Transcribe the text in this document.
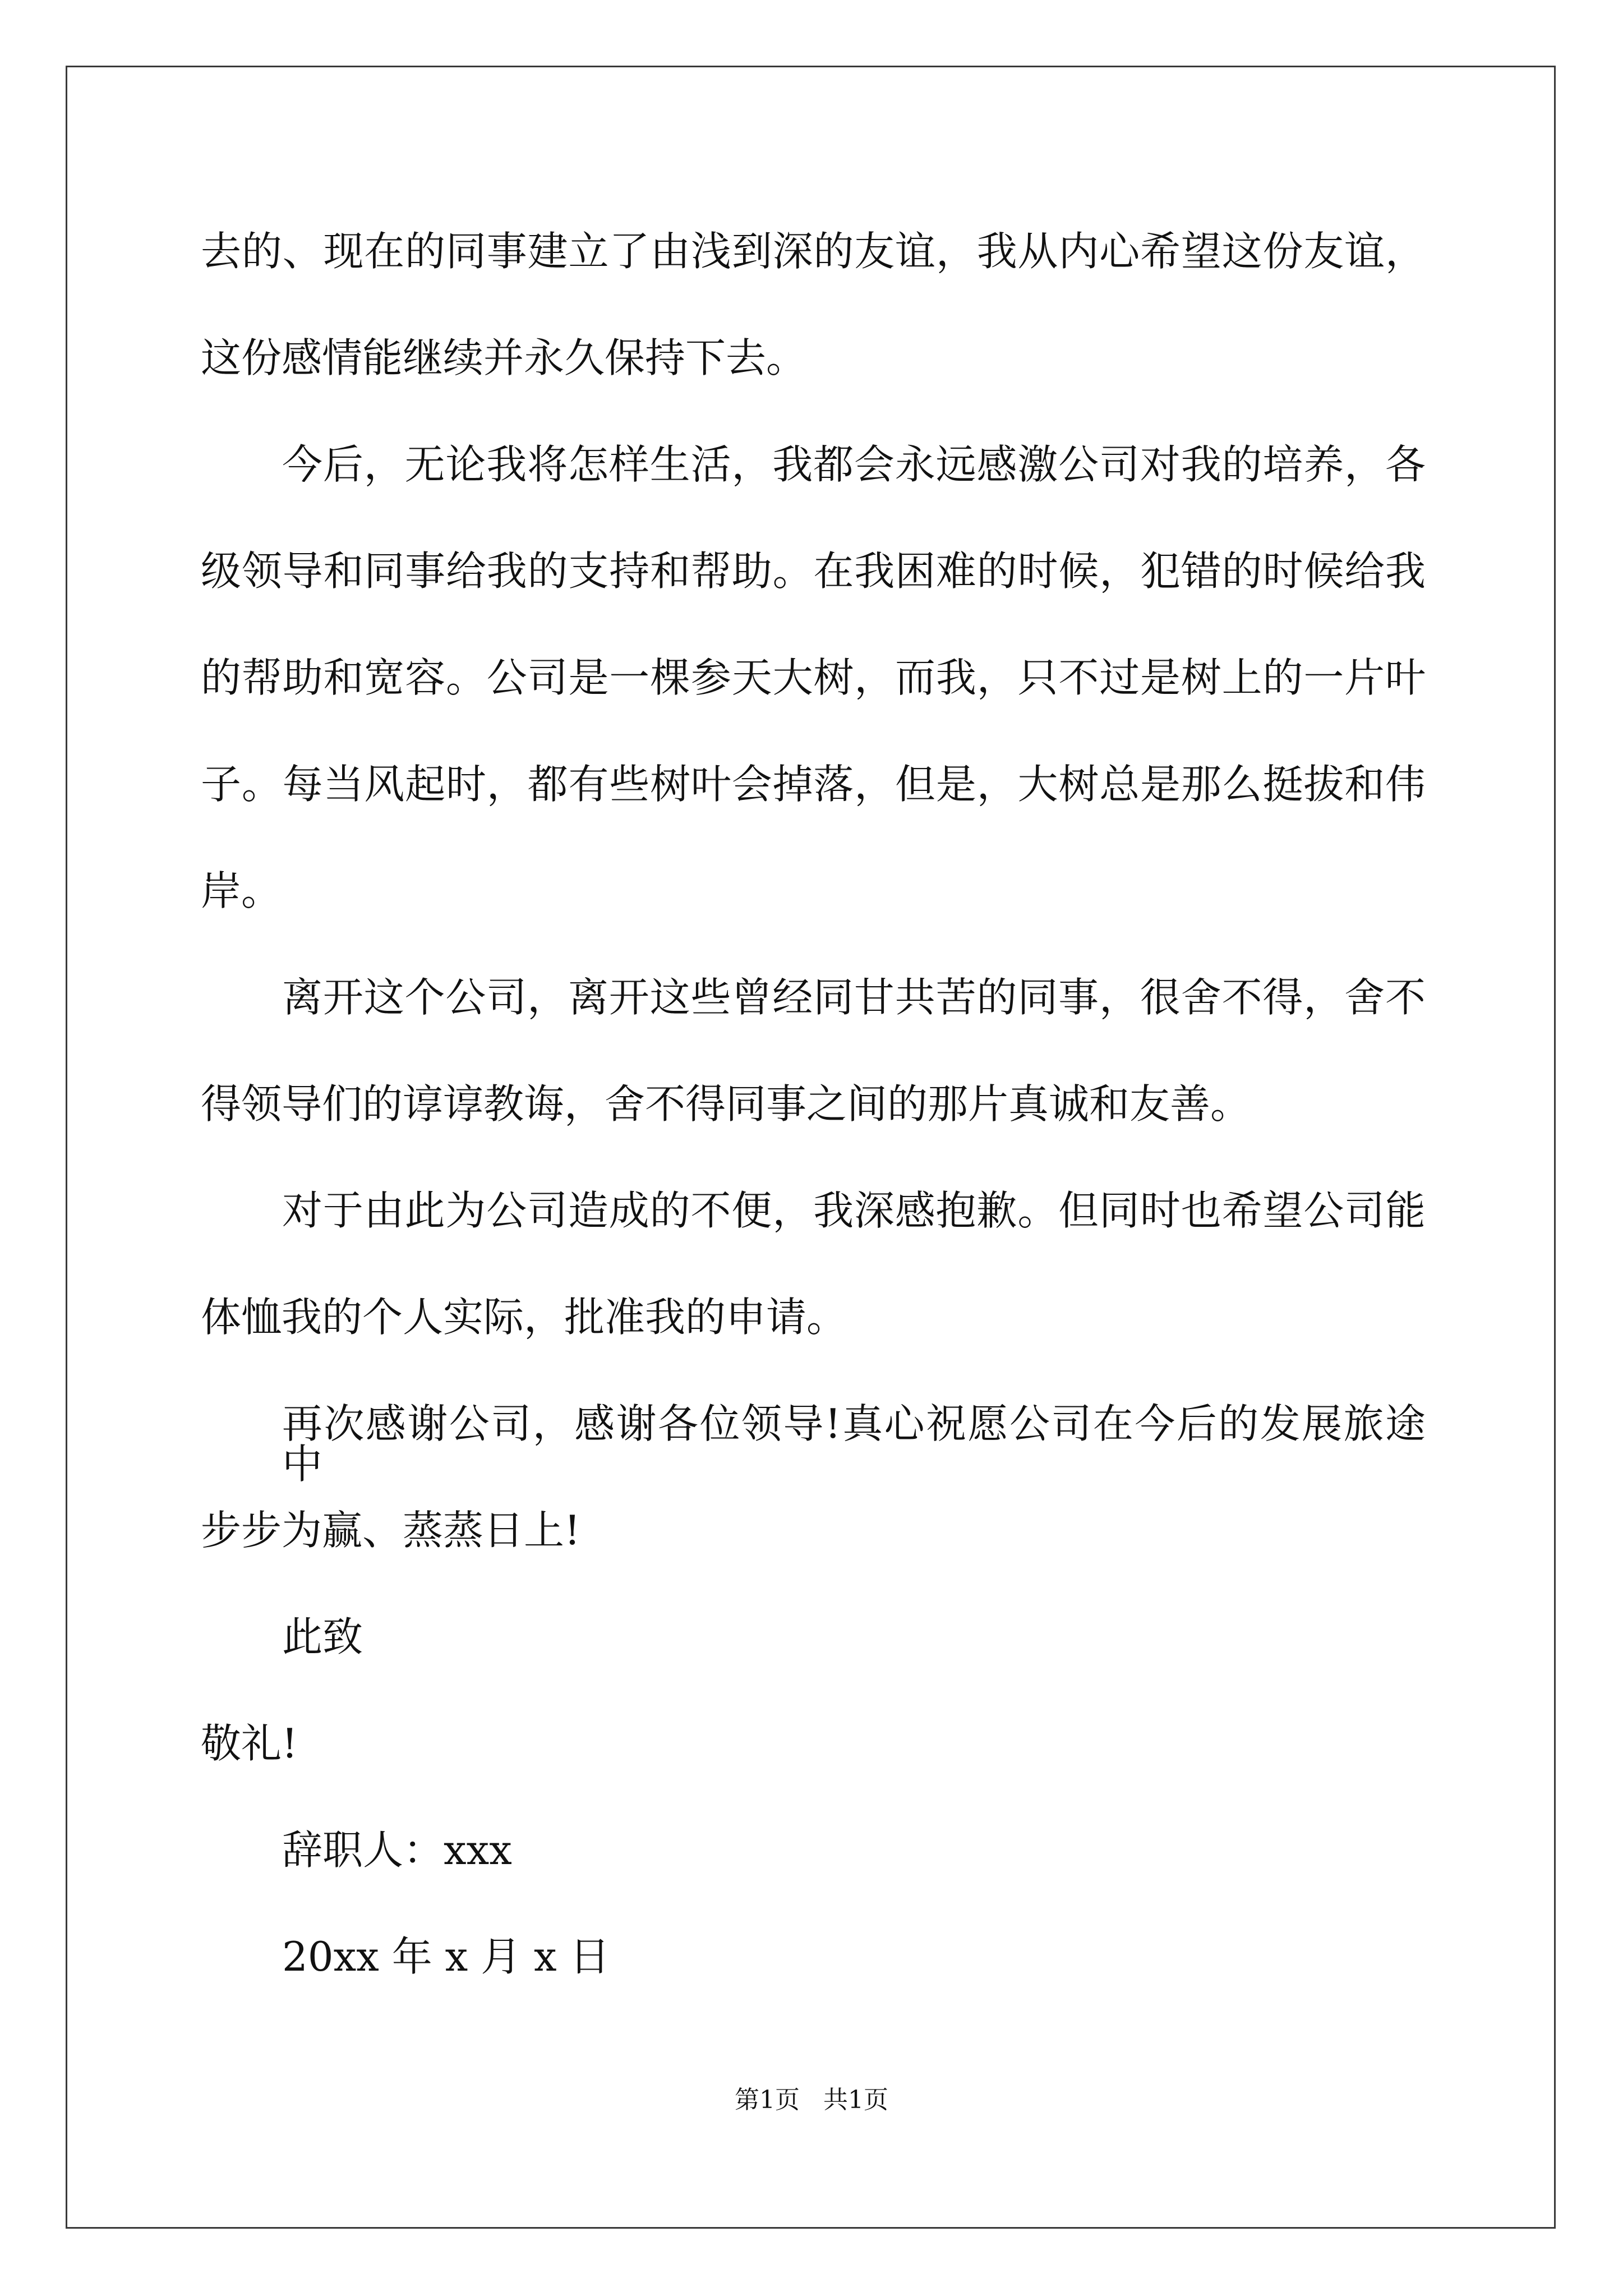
去的、现在的同事建立了由浅到深的友谊，我从内心希望这份友谊，

这份感情能继续并永久保持下去。

今后，无论我将怎样生活，我都会永远感激公司对我的培养，各

级领导和同事给我的支持和帮助。在我困难的时候，犯错的时候给我

的帮助和宽容。公司是一棵参天大树，而我，只不过是树上的一片叶

子。每当风起时，都有些树叶会掉落，但是，大树总是那么挺拔和伟

岸。

离开这个公司，离开这些曾经同甘共苦的同事，很舍不得，舍不

得领导们的谆谆教诲，舍不得同事之间的那片真诚和友善。

对于由此为公司造成的不便，我深感抱歉。但同时也希望公司能

体恤我的个人实际，批准我的申请。

再次感谢公司，感谢各位领导!真心祝愿公司在今后的发展旅途中

步步为赢、蒸蒸日上!

此致

敬礼!

辞职人：xxx

20xx 年 x 月 x 日

第1页   共1页
